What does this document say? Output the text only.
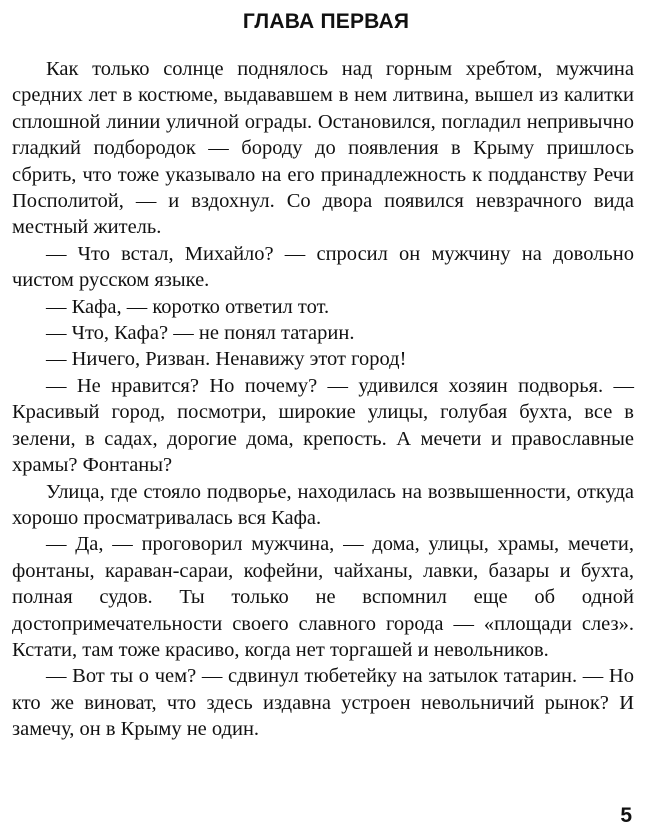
ГЛАВА ПЕРВАЯ

Как только солнце поднялось над горным хребтом, мужчина средних лет в костюме, выдававшем в нем литвина, вышел из калитки сплошной линии уличной ограды. Остановился, погладил непривычно гладкий подбородок — бороду до появления в Крыму пришлось сбрить, что тоже указывало на его принадлежность к подданству Речи Посполитой, — и вздохнул. Со двора появился невзрачного вида местный житель.

— Что встал, Михайло? — спросил он мужчину на довольно чистом русском языке.

— Кафа, — коротко ответил тот.

— Что, Кафа? — не понял татарин.

— Ничего, Ризван. Ненавижу этот город!

— Не нравится? Но почему? — удивился хозяин подворья. — Красивый город, посмотри, широкие улицы, голубая бухта, все в зелени, в садах, дорогие дома, крепость. А мечети и православные храмы? Фонтаны?

Улица, где стояло подворье, находилась на возвышенности, откуда хорошо просматривалась вся Кафа.

— Да, — проговорил мужчина, — дома, улицы, храмы, мечети, фонтаны, караван-сараи, кофейни, чайханы, лавки, базары и бухта, полная судов. Ты только не вспомнил еще об одной достопримечательности своего славного города — «площади слез». Кстати, там тоже красиво, когда нет торгашей и невольников.

— Вот ты о чем? — сдвинул тюбетейку на затылок татарин. — Но кто же виноват, что здесь издавна устроен невольничий рынок? И замечу, он в Крыму не один.

5
